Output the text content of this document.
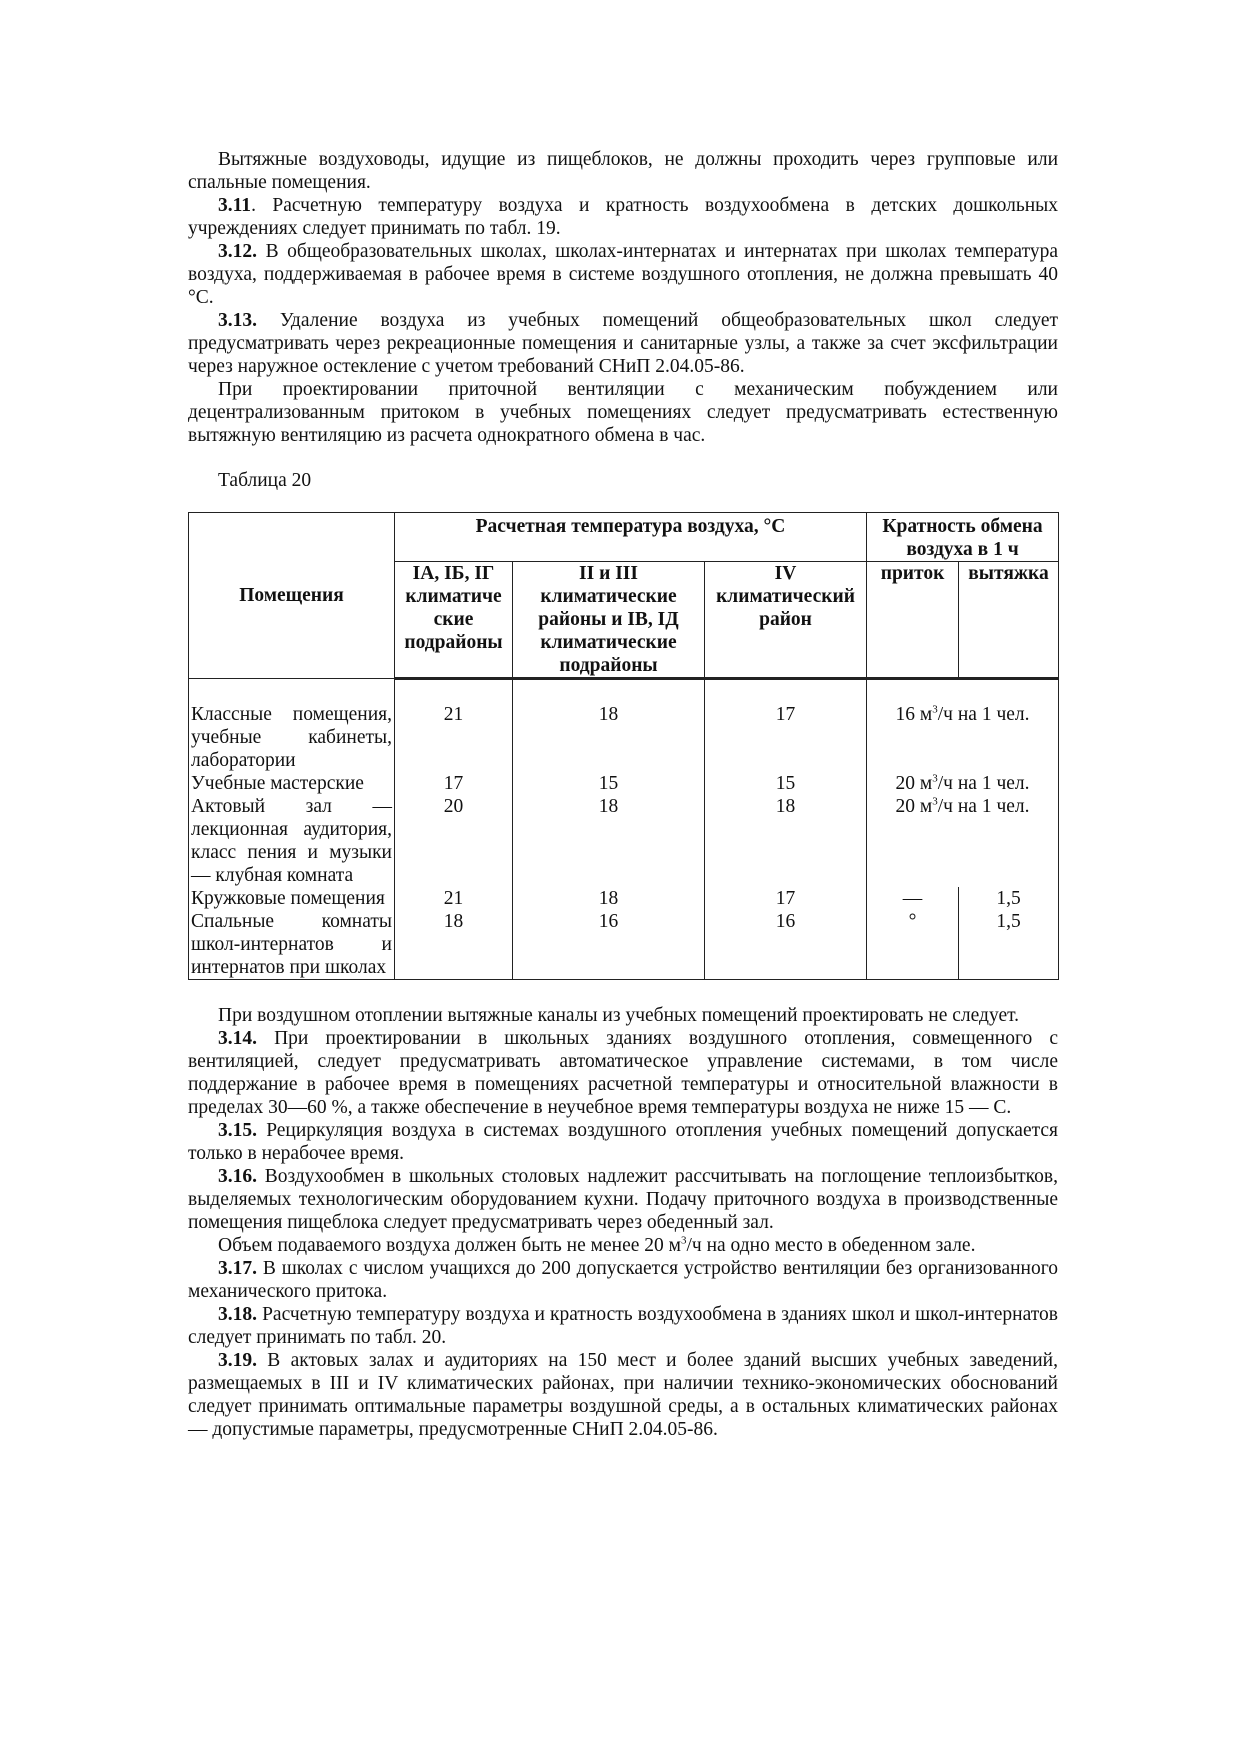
Вытяжные воздуховоды, идущие из пищеблоков, не должны проходить через групповые или спальные помещения.

3.11. Расчетную температуру воздуха и кратность воздухообмена в детских дошкольных учреждениях следует принимать по табл. 19.

3.12. В общеобразовательных школах, школах-интернатах и интернатах при школах температура воздуха, поддерживаемая в рабочее время в системе воздушного отопления, не должна превышать 40 °С.

3.13. Удаление воздуха из учебных помещений общеобразовательных школ следует предусматривать через рекреационные помещения и санитарные узлы, а также за счет эксфильтрации через наружное остекление с учетом требований СНиП 2.04.05-86.

При проектировании приточной вентиляции с механическим побуждением или децентрализованным притоком в учебных помещениях следует предусматривать естественную вытяжную вентиляцию из расчета однократного обмена в час.

Таблица 20
Помещения	Расчетная температура воздуха, °С			Кратность обмена воздуха в 1 ч	
	IА, IБ, IГ климатиче ские подрайоны	II и III климатические районы и IВ, IД климатические подрайоны	IV климатический район	приток	вытяжка

Классные помещения, учебные кабинеты, лаборатории	21	18	17	16 $м^3/ч$ на 1 чел.	
Учебные мастерские	17	15	15	20 $м^3/ч$ на 1 чел.	
Актовый зал — лекционная аудитория, класс пения и музыки — клубная комната	20	18	18	20 $м^3/ч$ на 1 чел.	
Кружковые помещения	21	18	17	—	1,5
Спальные комнаты школ-интернатов и интернатов при школах	18	16	16	°	1,5

При воздушном отоплении вытяжные каналы из учебных помещений проектировать не следует.

3.14. При проектировании в школьных зданиях воздушного отопления, совмещенного с вентиляцией, следует предусматривать автоматическое управление системами, в том числе поддержание в рабочее время в помещениях расчетной температуры и относительной влажности в пределах 30—60 %, а также обеспечение в неучебное время температуры воздуха не ниже 15 — С.

3.15. Рециркуляция воздуха в системах воздушного отопления учебных помещений допускается только в нерабочее время.

3.16. Воздухообмен в школьных столовых надлежит рассчитывать на поглощение теплоизбытков, выделяемых технологическим оборудованием кухни. Подачу приточного воздуха в производственные помещения пищеблока следует предусматривать через обеденный зал.

Объем подаваемого воздуха должен быть не менее 20 $м^3/ч$ на одно место в обеденном зале.

3.17. В школах с числом учащихся до 200 допускается устройство вентиляции без организованного механического притока.

3.18. Расчетную температуру воздуха и кратность воздухообмена в зданиях школ и школ-интернатов следует принимать по табл. 20.

3.19. В актовых залах и аудиториях на 150 мест и более зданий высших учебных заведений, размещаемых в III и IV климатических районах, при наличии технико-экономических обоснований следует принимать оптимальные параметры воздушной среды, а в остальных климатических районах — допустимые параметры, предусмотренные СНиП 2.04.05-86.
